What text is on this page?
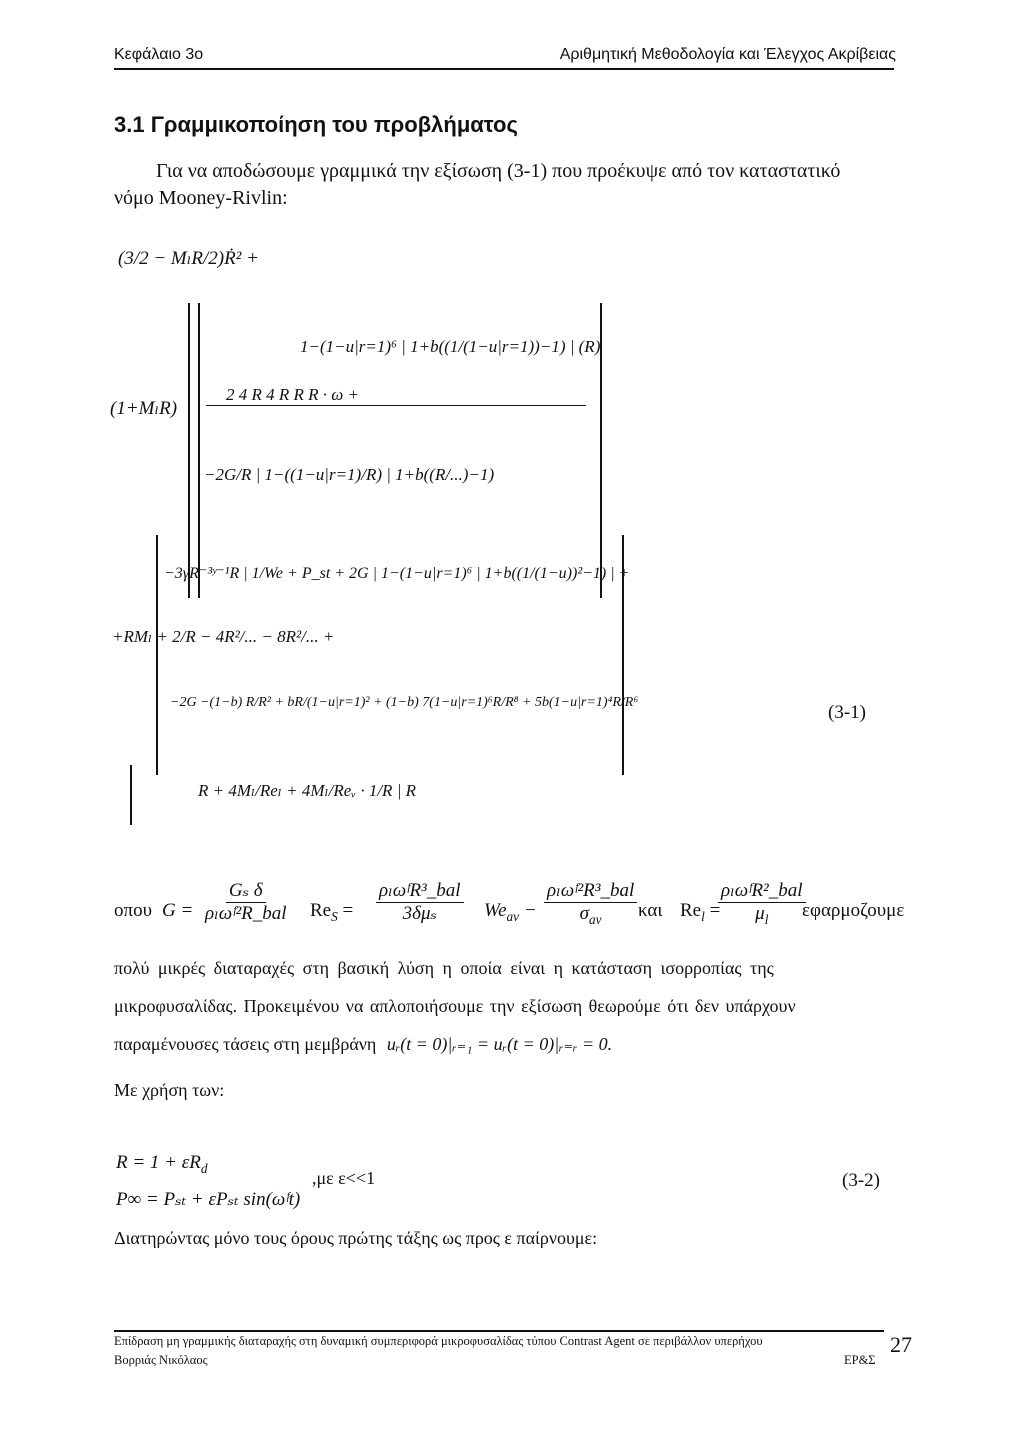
Κεφάλαιο 3ο	Αριθμητική Μεθοδολογία και Έλεγχος Ακρίβειας
3.1 Γραμμικοποίηση του προβλήματος
Για να αποδώσουμε γραμμικά την εξίσωση (3-1) που προέκυψε από τον καταστατικό
νόμο Mooney-Rivlin:
(3/2 − MₗR/2)Ṙ² +
1−(1−u|r=1)⁶ | 1+b((1/(1−u|r=1))−1) | (R)
(1+MₗR)
2 4 R 4 R R R · ω +
−2G/R | 1−((1−u|r=1)/R) | 1+b((R/...)−1)
−3γR⁻³ʸ⁻¹R | 1/We + P_st + 2G | 1−(1−u|r=1)⁶ | 1+b((1/(1−u))²−1) | +
+RMₗ + 2/R − 4R²/... − 8R²/... +
−2G −(1−b) R/R² + bR/(1−u|r=1)² + (1−b) 7(1−u|r=1)⁶R/R⁸ + 5b(1−u|r=1)⁴R/R⁶
R + 4Mₗ/Reₗ + 4Mₗ/Reᵥ · 1/R | R
(3-1)
οπου G =
Gₛ δ
ρₗωᶠ²R_bal $Re_S$ =
ρₗωᶠR³_bal
3δμₛ $We_{av}$ −
ρₗωᶠ²R³_bal
$\sigma_{av}$ και $Re_l$ =
ρₗωᶠR²_bal
$\mu_l$ εφαρμοζουμε
πολύ μικρές διαταραχές στη βασική λύση η οποία είναι η κατάσταση ισορροπίας της
μικροφυσαλίδας. Προκειμένου να απλοποιήσουμε την εξίσωση θεωρούμε ότι δεν υπάρχουν
παραμένουσες τάσεις στη μεμβράνη uᵣ(t = 0)|ᵣ₌₁ = uᵣ(t = 0)|ᵣ₌ᵣ = 0.
Με χρήση των:
$R = 1 + \varepsilon R_d$
P∞ = Pₛₜ + εPₛₜ sin(ωᶠt)
,με ε<<1	(3-2)
Διατηρώντας μόνο τους όρους πρώτης τάξης ως προς ε παίρνουμε:
Επίδραση μη γραμμικής διαταραχής στη δυναμική συμπεριφορά μικροφυσαλίδας τύπου Contrast Agent σε περιβάλλον υπερήχου
Βορριάς Νικόλαος
27
ΕΡ&Σ
